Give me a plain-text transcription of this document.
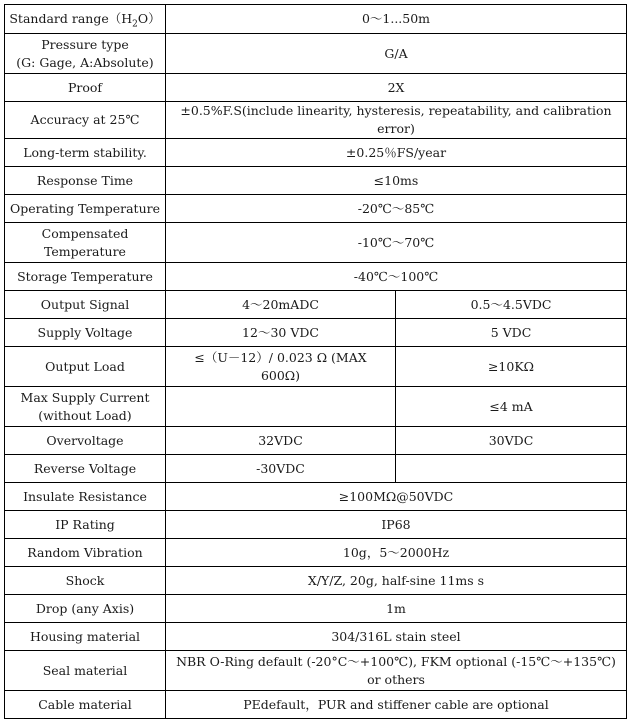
Standard $range(H_2O)$	0～1...50m	

Pressure type
(G: Gage, A:Absolute)	G/A	
Proof	2X	
Accuracy at 25℃	±0.5%F.S(include linearity, hysteresis, repeatability, and calibration error)	
Long-term stability.	±0.25％FS/year	
Response Time	≤10ms	
Operating Temperature	-20℃～85℃	

Compensated
Temperature	-10℃～70℃	
Storage Temperature	-40℃～100℃	
Output Signal	4～20mADC	0.5～4.5VDC
Supply Voltage	12～30 VDC	5 VDC
Output Load	≤（U－12）/ 0.023 Ω (MAX
600Ω)	≥10KΩ

Max Supply Current
(without Load)		≤4 mA
Overvoltage	32VDC	30VDC
Reverse Voltage	-30VDC	
Insulate Resistance	≥100MΩ@50VDC	
IP Rating	IP68	
Random Vibration	10g，5～2000Hz	
Shock	X/Y/Z, 20g, half-sine 11ms s	
Drop (any Axis)	1m	
Housing material	304/316L stain steel	
Seal material	NBR O-Ring default (-20°C～+100℃), FKM optional (-15℃～+135℃)
or others	

Cable material	PEdefault，PUR and stiffener cable are optional	
